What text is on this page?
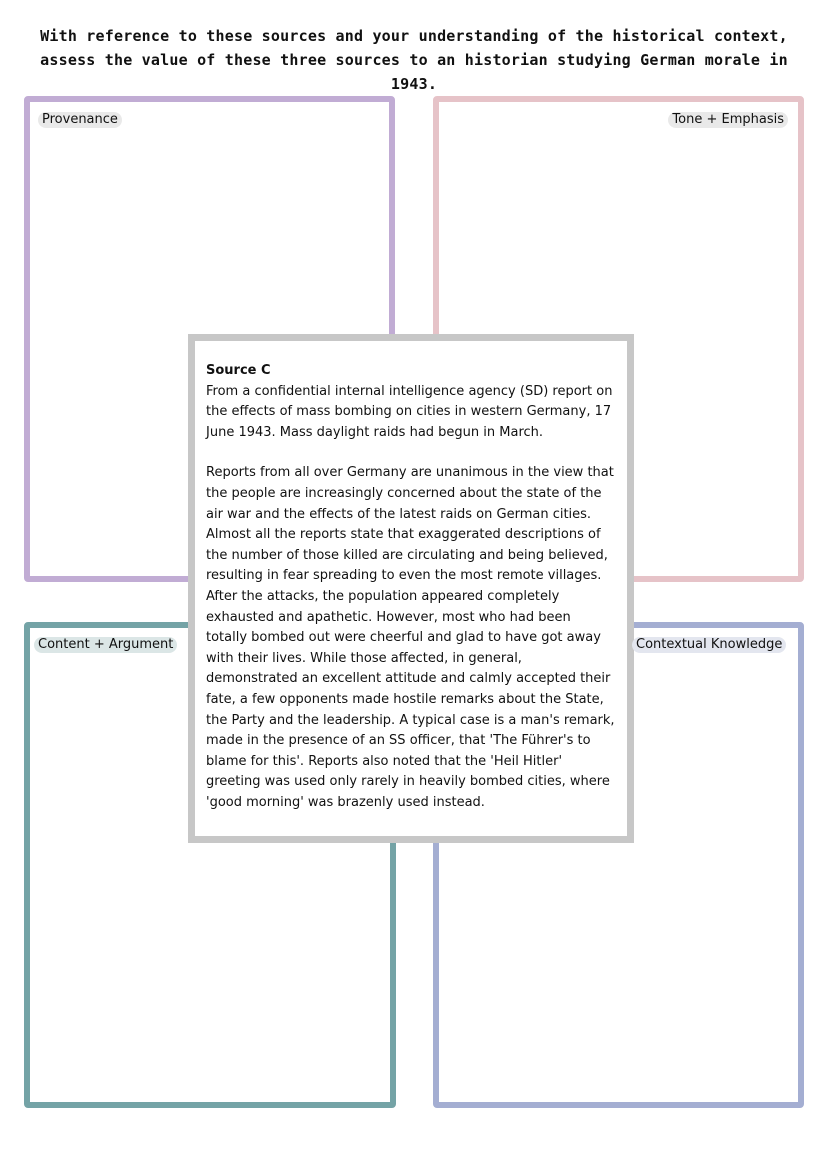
With reference to these sources and your understanding of the historical context, assess the value of these three sources to an historian studying German morale in 1943.

Provenance	Tone + Emphasis
Source C

From a confidential internal intelligence agency (SD) report on the effects of mass bombing on cities in western Germany, 17 June 1943. Mass daylight raids had begun in March.

Reports from all over Germany are unanimous in the view that the people are increasingly concerned about the state of the air war and the effects of the latest raids on German cities. Almost all the reports state that exaggerated descriptions of the number of those killed are circulating and being believed, resulting in fear spreading to even the most remote villages. After the attacks, the population appeared completely exhausted and apathetic. However, most who had been totally bombed out were cheerful and glad to have got away with their lives. While those affected, in general, demonstrated an excellent attitude and calmly accepted their fate, a few opponents made hostile remarks about the State, the Party and the leadership. A typical case is a man's remark, made in the presence of an SS officer, that 'The Führer's to blame for this'. Reports also noted that the 'Heil Hitler' greeting was used only rarely in heavily bombed cities, where 'good morning' was brazenly used instead.

Content + Argument	Contextual Knowledge
